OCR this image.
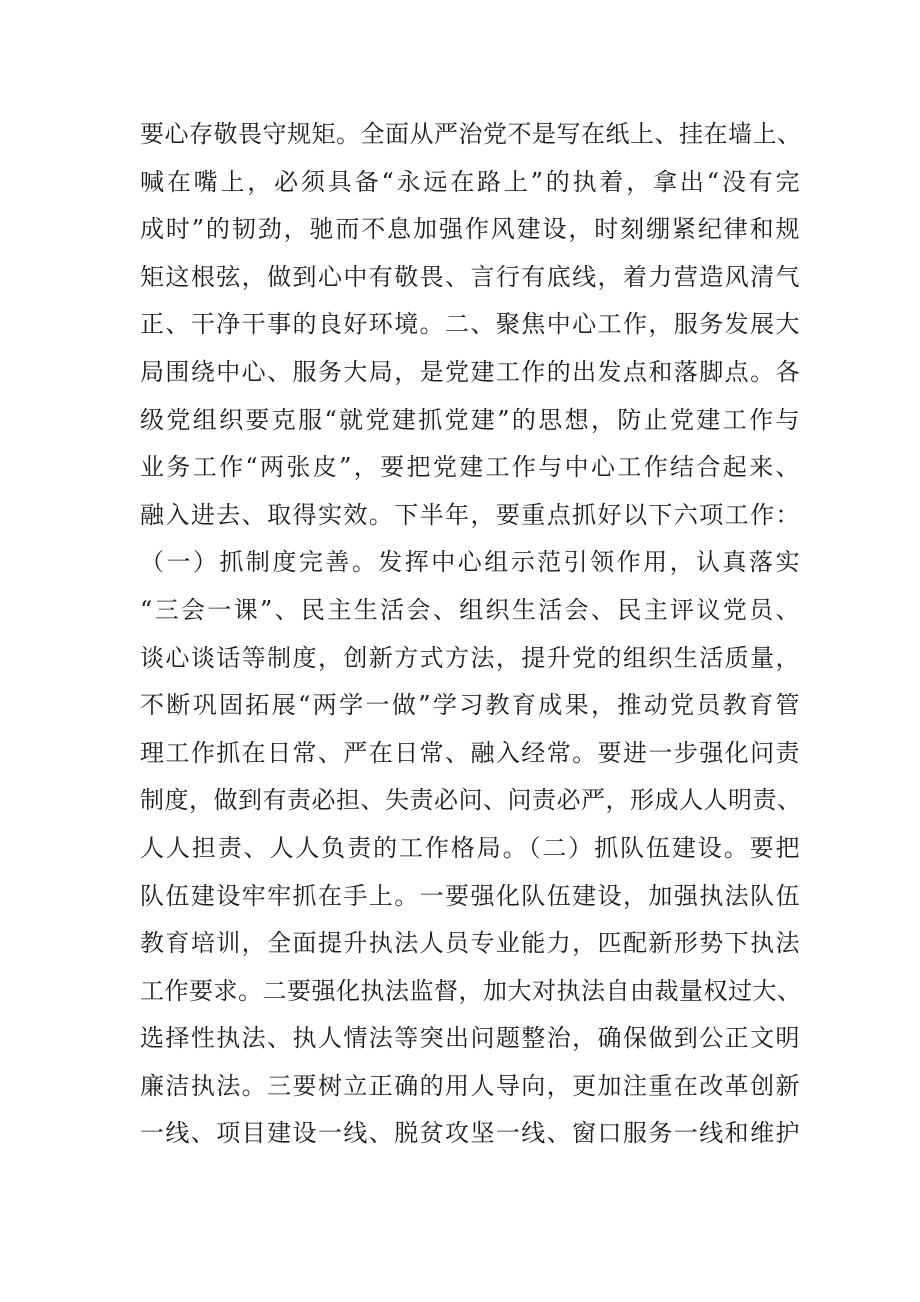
要心存敬畏守规矩。全面从严治党不是写在纸上、挂在墙上、
喊在嘴上，必须具备“永远在路上”的执着，拿出“没有完
成时”的韧劲，驰而不息加强作风建设，时刻绷紧纪律和规
矩这根弦，做到心中有敬畏、言行有底线，着力营造风清气
正、干净干事的良好环境。二、聚焦中心工作，服务发展大
局围绕中心、服务大局，是党建工作的出发点和落脚点。各
级党组织要克服“就党建抓党建”的思想，防止党建工作与
业务工作“两张皮”，要把党建工作与中心工作结合起来、
融入进去、取得实效。下半年，要重点抓好以下六项工作：
（一）抓制度完善。发挥中心组示范引领作用，认真落实
“三会一课”、民主生活会、组织生活会、民主评议党员、
谈心谈话等制度，创新方式方法，提升党的组织生活质量，
不断巩固拓展“两学一做”学习教育成果，推动党员教育管
理工作抓在日常、严在日常、融入经常。要进一步强化问责
制度，做到有责必担、失责必问、问责必严，形成人人明责、
人人担责、人人负责的工作格局。（二）抓队伍建设。要把
队伍建设牢牢抓在手上。一要强化队伍建设，加强执法队伍
教育培训，全面提升执法人员专业能力，匹配新形势下执法
工作要求。二要强化执法监督，加大对执法自由裁量权过大、
选择性执法、执人情法等突出问题整治，确保做到公正文明
廉洁执法。三要树立正确的用人导向，更加注重在改革创新
一线、项目建设一线、脱贫攻坚一线、窗口服务一线和维护
